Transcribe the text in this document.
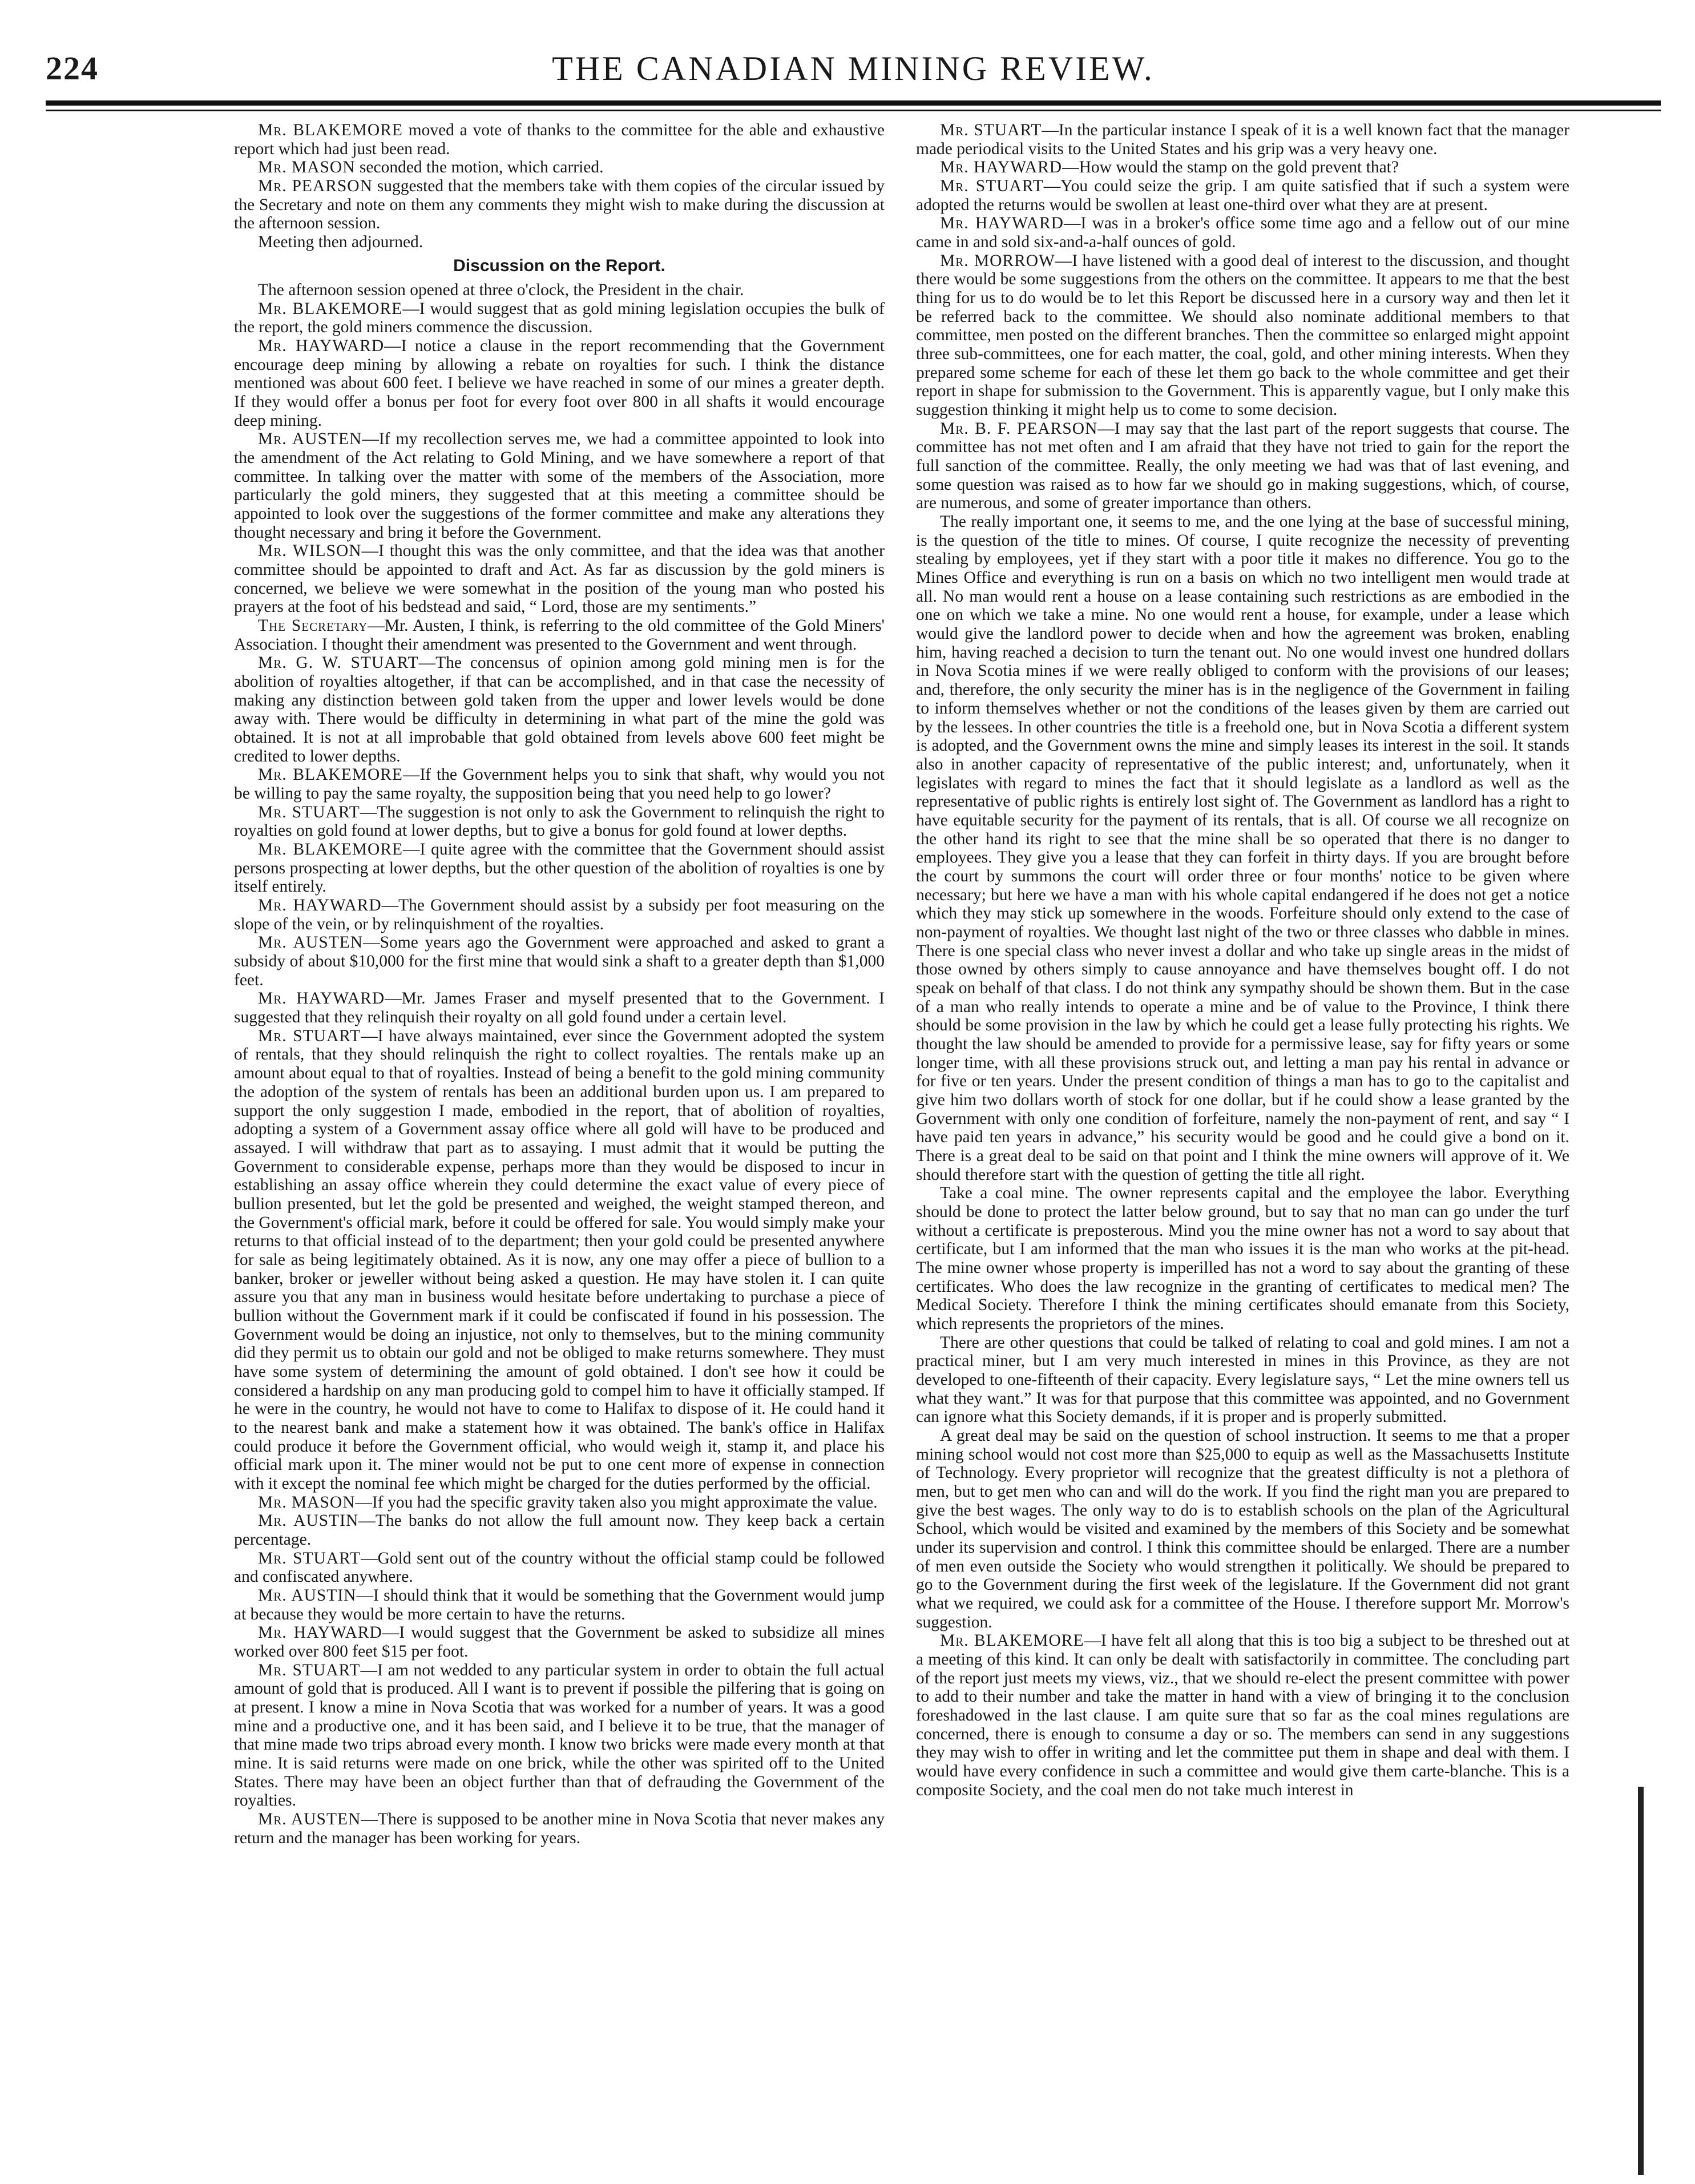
224	THE CANADIAN MINING REVIEW.

Mr. BLAKEMORE moved a vote of thanks to the committee for the able and exhaustive report which had just been read.

Mr. MASON seconded the motion, which carried.

Mr. PEARSON suggested that the members take with them copies of the circular issued by the Secretary and note on them any comments they might wish to make during the discussion at the afternoon session.

Meeting then adjourned.

Discussion on the Report.

The afternoon session opened at three o'clock, the President in the chair.

Mr. BLAKEMORE—I would suggest that as gold mining legislation occupies the bulk of the report, the gold miners commence the discussion.

Mr. HAYWARD—I notice a clause in the report recommending that the Government encourage deep mining by allowing a rebate on royalties for such. I think the distance mentioned was about 600 feet. I believe we have reached in some of our mines a greater depth. If they would offer a bonus per foot for every foot over 800 in all shafts it would encourage deep mining.

Mr. AUSTEN—If my recollection serves me, we had a committee appointed to look into the amendment of the Act relating to Gold Mining, and we have somewhere a report of that committee. In talking over the matter with some of the members of the Association, more particularly the gold miners, they suggested that at this meeting a committee should be appointed to look over the suggestions of the former committee and make any alterations they thought necessary and bring it before the Government.

Mr. WILSON—I thought this was the only committee, and that the idea was that another committee should be appointed to draft and Act. As far as discussion by the gold miners is concerned, we believe we were somewhat in the position of the young man who posted his prayers at the foot of his bedstead and said, “ Lord, those are my sentiments.”

The Secretary—Mr. Austen, I think, is referring to the old committee of the Gold Miners' Association. I thought their amendment was presented to the Government and went through.

Mr. G. W. STUART—The concensus of opinion among gold mining men is for the abolition of royalties altogether, if that can be accomplished, and in that case the necessity of making any distinction between gold taken from the upper and lower levels would be done away with. There would be difficulty in determining in what part of the mine the gold was obtained. It is not at all improbable that gold obtained from levels above 600 feet might be credited to lower depths.

Mr. BLAKEMORE—If the Government helps you to sink that shaft, why would you not be willing to pay the same royalty, the supposition being that you need help to go lower?

Mr. STUART—The suggestion is not only to ask the Government to relinquish the right to royalties on gold found at lower depths, but to give a bonus for gold found at lower depths.

Mr. BLAKEMORE—I quite agree with the committee that the Government should assist persons prospecting at lower depths, but the other question of the abolition of royalties is one by itself entirely.

Mr. HAYWARD—The Government should assist by a subsidy per foot measuring on the slope of the vein, or by relinquishment of the royalties.

Mr. AUSTEN—Some years ago the Government were approached and asked to grant a subsidy of about $10,000 for the first mine that would sink a shaft to a greater depth than $1,000 feet.

Mr. HAYWARD—Mr. James Fraser and myself presented that to the Government. I suggested that they relinquish their royalty on all gold found under a certain level.

Mr. STUART—I have always maintained, ever since the Government adopted the system of rentals, that they should relinquish the right to collect royalties. The rentals make up an amount about equal to that of royalties. Instead of being a benefit to the gold mining community the adoption of the system of rentals has been an additional burden upon us. I am prepared to support the only suggestion I made, embodied in the report, that of abolition of royalties, adopting a system of a Government assay office where all gold will have to be produced and assayed. I will withdraw that part as to assaying. I must admit that it would be putting the Government to considerable expense, perhaps more than they would be disposed to incur in establishing an assay office wherein they could determine the exact value of every piece of bullion presented, but let the gold be presented and weighed, the weight stamped thereon, and the Government's official mark, before it could be offered for sale. You would simply make your returns to that official instead of to the department; then your gold could be presented anywhere for sale as being legitimately obtained. As it is now, any one may offer a piece of bullion to a banker, broker or jeweller without being asked a question. He may have stolen it. I can quite assure you that any man in business would hesitate before undertaking to purchase a piece of bullion without the Government mark if it could be confiscated if found in his possession. The Government would be doing an injustice, not only to themselves, but to the mining community did they permit us to obtain our gold and not be obliged to make returns somewhere. They must have some system of determining the amount of gold obtained. I don't see how it could be considered a hardship on any man producing gold to compel him to have it officially stamped. If he were in the country, he would not have to come to Halifax to dispose of it. He could hand it to the nearest bank and make a statement how it was obtained. The bank's office in Halifax could produce it before the Government official, who would weigh it, stamp it, and place his official mark upon it. The miner would not be put to one cent more of expense in connection with it except the nominal fee which might be charged for the duties performed by the official.

Mr. MASON—If you had the specific gravity taken also you might approximate the value.

Mr. AUSTIN—The banks do not allow the full amount now. They keep back a certain percentage.

Mr. STUART—Gold sent out of the country without the official stamp could be followed and confiscated anywhere.

Mr. AUSTIN—I should think that it would be something that the Government would jump at because they would be more certain to have the returns.

Mr. HAYWARD—I would suggest that the Government be asked to subsidize all mines worked over 800 feet $15 per foot.

Mr. STUART—I am not wedded to any particular system in order to obtain the full actual amount of gold that is produced. All I want is to prevent if possible the pilfering that is going on at present. I know a mine in Nova Scotia that was worked for a number of years. It was a good mine and a productive one, and it has been said, and I believe it to be true, that the manager of that mine made two trips abroad every month. I know two bricks were made every month at that mine. It is said returns were made on one brick, while the other was spirited off to the United States. There may have been an object further than that of defrauding the Government of the royalties.

Mr. AUSTEN—There is supposed to be another mine in Nova Scotia that never makes any return and the manager has been working for years.

Mr. STUART—In the particular instance I speak of it is a well known fact that the manager made periodical visits to the United States and his grip was a very heavy one.

Mr. HAYWARD—How would the stamp on the gold prevent that?

Mr. STUART—You could seize the grip. I am quite satisfied that if such a system were adopted the returns would be swollen at least one-third over what they are at present.

Mr. HAYWARD—I was in a broker's office some time ago and a fellow out of our mine came in and sold six-and-a-half ounces of gold.

Mr. MORROW—I have listened with a good deal of interest to the discussion, and thought there would be some suggestions from the others on the committee. It appears to me that the best thing for us to do would be to let this Report be discussed here in a cursory way and then let it be referred back to the committee. We should also nominate additional members to that committee, men posted on the different branches. Then the committee so enlarged might appoint three sub-committees, one for each matter, the coal, gold, and other mining interests. When they prepared some scheme for each of these let them go back to the whole committee and get their report in shape for submission to the Government. This is apparently vague, but I only make this suggestion thinking it might help us to come to some decision.

Mr. B. F. PEARSON—I may say that the last part of the report suggests that course. The committee has not met often and I am afraid that they have not tried to gain for the report the full sanction of the committee. Really, the only meeting we had was that of last evening, and some question was raised as to how far we should go in making suggestions, which, of course, are numerous, and some of greater importance than others.

The really important one, it seems to me, and the one lying at the base of successful mining, is the question of the title to mines. Of course, I quite recognize the necessity of preventing stealing by employees, yet if they start with a poor title it makes no difference. You go to the Mines Office and everything is run on a basis on which no two intelligent men would trade at all. No man would rent a house on a lease containing such restrictions as are embodied in the one on which we take a mine. No one would rent a house, for example, under a lease which would give the landlord power to decide when and how the agreement was broken, enabling him, having reached a decision to turn the tenant out. No one would invest one hundred dollars in Nova Scotia mines if we were really obliged to conform with the provisions of our leases; and, therefore, the only security the miner has is in the negligence of the Government in failing to inform themselves whether or not the conditions of the leases given by them are carried out by the lessees. In other countries the title is a freehold one, but in Nova Scotia a different system is adopted, and the Government owns the mine and simply leases its interest in the soil. It stands also in another capacity of representative of the public interest; and, unfortunately, when it legislates with regard to mines the fact that it should legislate as a landlord as well as the representative of public rights is entirely lost sight of. The Government as landlord has a right to have equitable security for the payment of its rentals, that is all. Of course we all recognize on the other hand its right to see that the mine shall be so operated that there is no danger to employees. They give you a lease that they can forfeit in thirty days. If you are brought before the court by summons the court will order three or four months' notice to be given where necessary; but here we have a man with his whole capital endangered if he does not get a notice which they may stick up somewhere in the woods. Forfeiture should only extend to the case of non-payment of royalties. We thought last night of the two or three classes who dabble in mines. There is one special class who never invest a dollar and who take up single areas in the midst of those owned by others simply to cause annoyance and have themselves bought off. I do not speak on behalf of that class. I do not think any sympathy should be shown them. But in the case of a man who really intends to operate a mine and be of value to the Province, I think there should be some provision in the law by which he could get a lease fully protecting his rights. We thought the law should be amended to provide for a permissive lease, say for fifty years or some longer time, with all these provisions struck out, and letting a man pay his rental in advance or for five or ten years. Under the present condition of things a man has to go to the capitalist and give him two dollars worth of stock for one dollar, but if he could show a lease granted by the Government with only one condition of forfeiture, namely the non-payment of rent, and say “ I have paid ten years in advance,” his security would be good and he could give a bond on it. There is a great deal to be said on that point and I think the mine owners will approve of it. We should therefore start with the question of getting the title all right.

Take a coal mine. The owner represents capital and the employee the labor. Everything should be done to protect the latter below ground, but to say that no man can go under the turf without a certificate is preposterous. Mind you the mine owner has not a word to say about that certificate, but I am informed that the man who issues it is the man who works at the pit-head. The mine owner whose property is imperilled has not a word to say about the granting of these certificates. Who does the law recognize in the granting of certificates to medical men? The Medical Society. Therefore I think the mining certificates should emanate from this Society, which represents the proprietors of the mines.

There are other questions that could be talked of relating to coal and gold mines. I am not a practical miner, but I am very much interested in mines in this Province, as they are not developed to one-fifteenth of their capacity. Every legislature says, “ Let the mine owners tell us what they want.” It was for that purpose that this committee was appointed, and no Government can ignore what this Society demands, if it is proper and is properly submitted.

A great deal may be said on the question of school instruction. It seems to me that a proper mining school would not cost more than $25,000 to equip as well as the Massachusetts Institute of Technology. Every proprietor will recognize that the greatest difficulty is not a plethora of men, but to get men who can and will do the work. If you find the right man you are prepared to give the best wages. The only way to do is to establish schools on the plan of the Agricultural School, which would be visited and examined by the members of this Society and be somewhat under its supervision and control. I think this committee should be enlarged. There are a number of men even outside the Society who would strengthen it politically. We should be prepared to go to the Government during the first week of the legislature. If the Government did not grant what we required, we could ask for a committee of the House. I therefore support Mr. Morrow's suggestion.

Mr. BLAKEMORE—I have felt all along that this is too big a subject to be threshed out at a meeting of this kind. It can only be dealt with satisfactorily in committee. The concluding part of the report just meets my views, viz., that we should re-elect the present committee with power to add to their number and take the matter in hand with a view of bringing it to the conclusion foreshadowed in the last clause. I am quite sure that so far as the coal mines regulations are concerned, there is enough to consume a day or so. The members can send in any suggestions they may wish to offer in writing and let the committee put them in shape and deal with them. I would have every confidence in such a committee and would give them carte-blanche. This is a composite Society, and the coal men do not take much interest in
